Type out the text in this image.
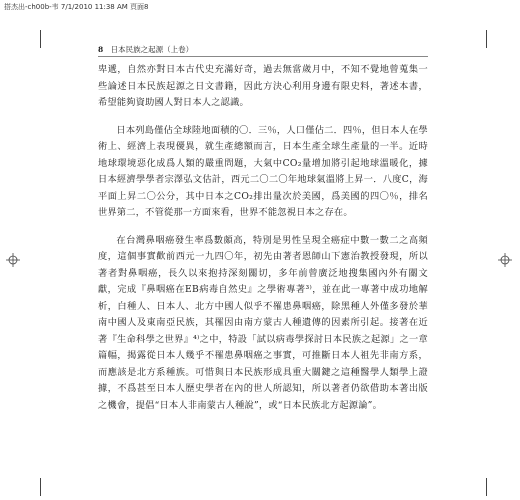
搭杰出-ch00b-韦 7/1/2010 11:38 AM 頁面8
8 日本民族之起源（上卷）

卑遞，自然亦對日本古代史充滿好奇，過去無當歲月中，不知不覺地曾蒐集一些論述日本民族起源之日文書籍，因此方決心利用身邊有限史料，著述本書，希望能夠資助國人對日本人之認識。

日本列島僅佔全球陸地面積的〇．三％，人口僅佔二．四％，但日本人在學術上、經濟上表現優異，就生產總額而言，日本生產全球生產量的一半。近時地球環境惡化成爲人類的嚴重問題，大氣中CO₂量增加將引起地球溫暖化，據日本經濟學學者宗澤弘文估計，西元二〇二〇年地球氣溫將上昇一．八度C，海平面上昇二〇公分，其中日本之CO₂排出量次於美國，爲美國的四〇％，排名世界第二，不管從那一方面來看，世界不能忽視日本之存在。

在台灣鼻咽癌發生率爲數頗高，特別是男性呈現全癌症中數一數二之高頻度，這個事實歡前西元一九四〇年，初先由著者恩師山下憲治教授發現，所以著者對鼻咽癌，長久以來抱持深刻關切，多年前曾廣泛地搜集國內外有關文獻，完成『鼻咽癌在EB病毒自然史』之學術專著³⁾，並在此一專著中成功地解析，白種人、日本人、北方中國人似乎不罹患鼻咽癌，除黑種人外僅多發於華南中國人及東南亞民族，其罹因由南方蒙古人種遺傳的因素所引起。接著在近著『生命科學之世界』⁴⁾之中，特設「試以病毒學探討日本民族之起源」之一章篇幅，揭露從日本人幾乎不罹患鼻咽癌之事實，可推斷日本人祖先非南方系，而應該是北方系種族。可惜與日本民族形成具重大關鍵之這種醫學人類學上證據，不爲甚至日本人歷史學者在內的世人所認知，所以著者仍欲借助本著出版之機會，提倡“日本人非南蒙古人種說”，或“日本民族北方起源論”。
